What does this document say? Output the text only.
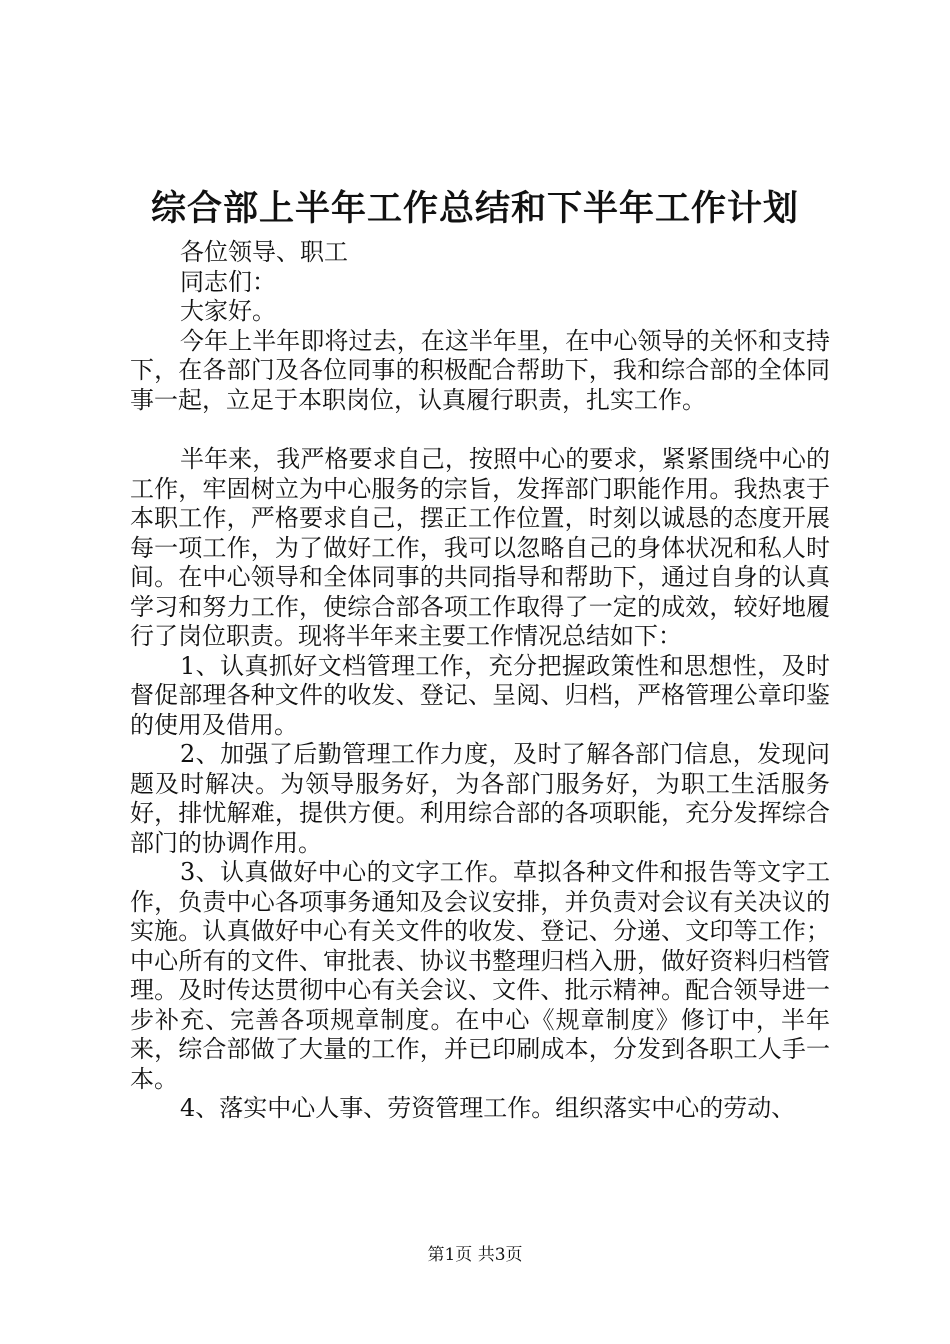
综合部上半年工作总结和下半年工作计划

各位领导、职工

同志们：

大家好。

今年上半年即将过去，在这半年里，在中心领导的关怀和支持下，在各部门及各位同事的积极配合帮助下，我和综合部的全体同事一起，立足于本职岗位，认真履行职责，扎实工作。

半年来，我严格要求自己，按照中心的要求，紧紧围绕中心的工作，牢固树立为中心服务的宗旨，发挥部门职能作用。我热衷于本职工作，严格要求自己，摆正工作位置，时刻以诚恳的态度开展每一项工作，为了做好工作，我可以忽略自己的身体状况和私人时间。在中心领导和全体同事的共同指导和帮助下，通过自身的认真学习和努力工作，使综合部各项工作取得了一定的成效，较好地履行了岗位职责。现将半年来主要工作情况总结如下：

1、认真抓好文档管理工作，充分把握政策性和思想性，及时督促部理各种文件的收发、登记、呈阅、归档，严格管理公章印鉴的使用及借用。

2、加强了后勤管理工作力度，及时了解各部门信息，发现问题及时解决。为领导服务好，为各部门服务好，为职工生活服务好，排忧解难，提供方便。利用综合部的各项职能，充分发挥综合部门的协调作用。

3、认真做好中心的文字工作。草拟各种文件和报告等文字工作，负责中心各项事务通知及会议安排，并负责对会议有关决议的实施。认真做好中心有关文件的收发、登记、分递、文印等工作；中心所有的文件、审批表、协议书整理归档入册，做好资料归档管理。及时传达贯彻中心有关会议、文件、批示精神。配合领导进一步补充、完善各项规章制度。在中心《规章制度》修订中，半年来，综合部做了大量的工作，并已印刷成本，分发到各职工人手一本。

4、落实中心人事、劳资管理工作。组织落实中心的劳动、

第1页 共3页
